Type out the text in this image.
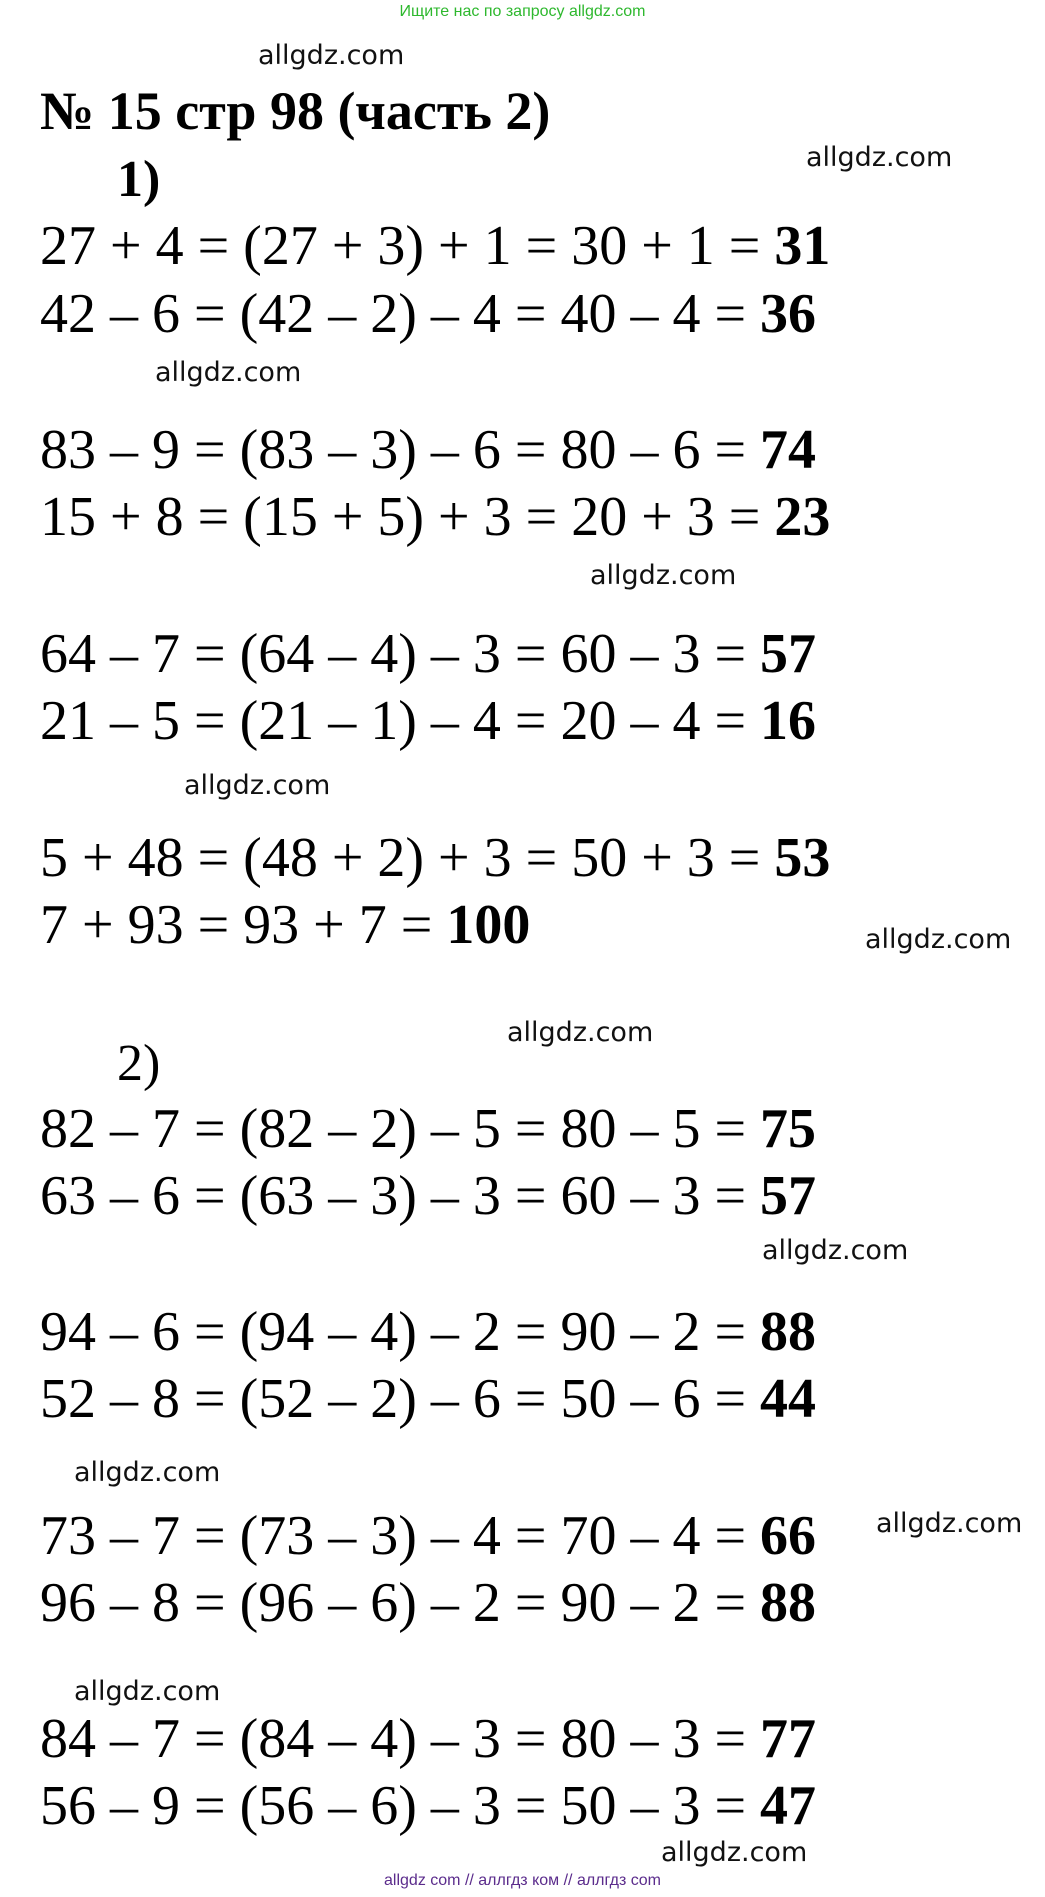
Ищите нас по запросу allgdz.com
allgdz.com
№ 15 стр 98 (часть 2)
allgdz.com
1)
27 + 4 = (27 + 3) + 1 = 30 + 1 = 31
42 – 6 = (42 – 2) – 4 = 40 – 4 = 36
allgdz.com
83 – 9 = (83 – 3) – 6 = 80 – 6 = 74
15 + 8 = (15 + 5) + 3 = 20 + 3 = 23
allgdz.com
64 – 7 = (64 – 4) – 3 = 60 – 3 = 57
21 – 5 = (21 – 1) – 4 = 20 – 4 = 16
allgdz.com
5 + 48 = (48 + 2) + 3 = 50 + 3 = 53
7 + 93 = 93 + 7 = 100	allgdz.com
allgdz.com
2)
82 – 7 = (82 – 2) – 5 = 80 – 5 = 75
63 – 6 = (63 – 3) – 3 = 60 – 3 = 57
allgdz.com
94 – 6 = (94 – 4) – 2 = 90 – 2 = 88
52 – 8 = (52 – 2) – 6 = 50 – 6 = 44
allgdz.com
73 – 7 = (73 – 3) – 4 = 70 – 4 = 66 allgdz.com
96 – 8 = (96 – 6) – 2 = 90 – 2 = 88
allgdz.com
84 – 7 = (84 – 4) – 3 = 80 – 3 = 77
56 – 9 = (56 – 6) – 3 = 50 – 3 = 47
allgdz.com
allgdz com // аллгдз ком // аллгдз com
